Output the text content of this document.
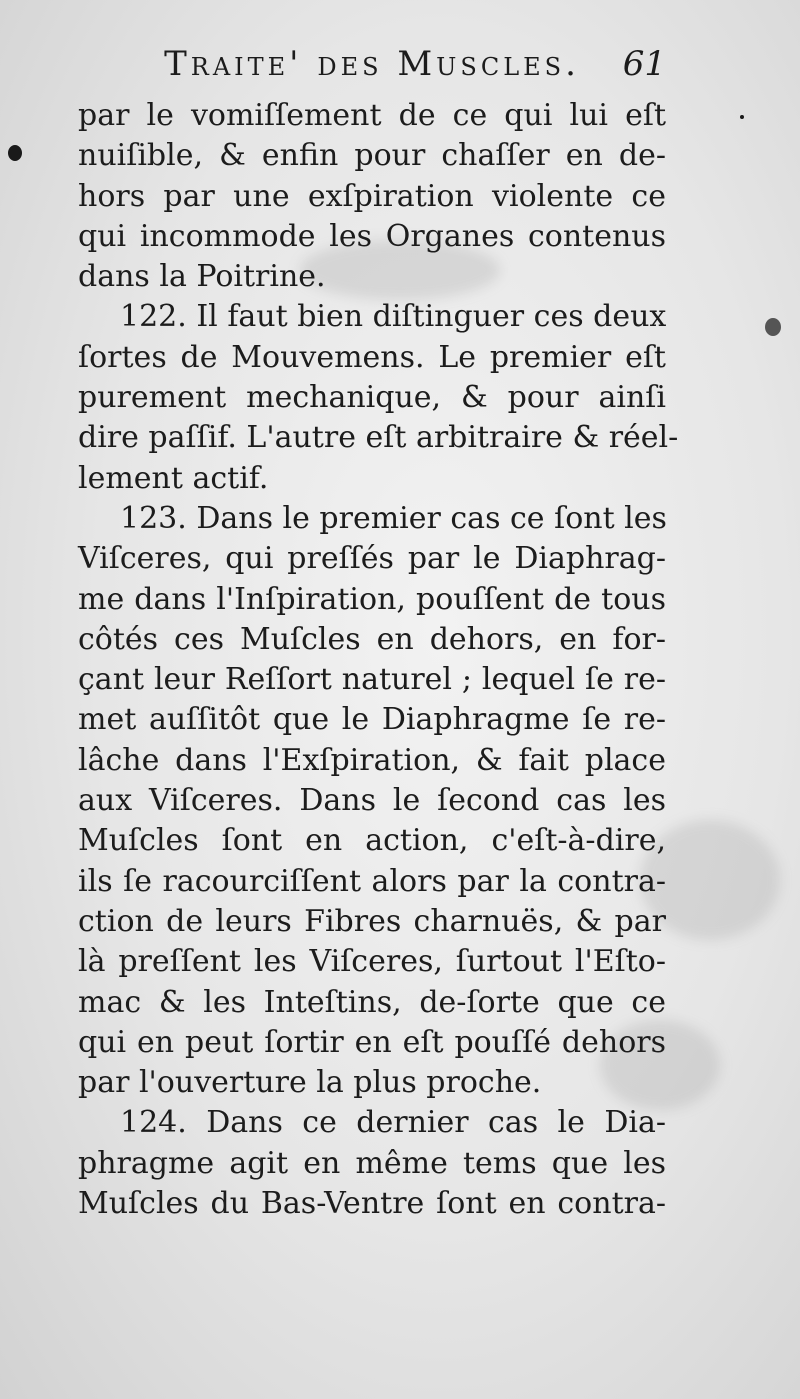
Traite' des Muscles. 61
par le vomiſſement de ce qui lui eſt
nuiſible, & enfin pour chaſſer en de-
hors par une exſpiration violente ce
qui incommode les Organes contenus
dans la Poitrine.
122. Il faut bien diſtinguer ces deux
ſortes de Mouvemens. Le premier eſt
purement mechanique, & pour ainſi
dire paſſif. L'autre eſt arbitraire & réel-
lement actif.
123. Dans le premier cas ce ſont les
Viſceres, qui preſſés par le Diaphrag-
me dans l'Inſpiration, pouſſent de tous
côtés ces Muſcles en dehors, en for-
çant leur Reſſort naturel ; lequel ſe re-
met auſſitôt que le Diaphragme ſe re-
lâche dans l'Exſpiration, & fait place
aux Viſceres. Dans le ſecond cas les
Muſcles ſont en action, c'eſt-à-dire,
ils ſe racourciſſent alors par la contra-
ction de leurs Fibres charnuës, & par
là preſſent les Viſceres, ſurtout l'Eſto-
mac & les Inteſtins, de-ſorte que ce
qui en peut ſortir en eſt pouſſé dehors
par l'ouverture la plus proche.
124. Dans ce dernier cas le Dia-
phragme agit en même tems que les
Muſcles du Bas-Ventre ſont en contra-
